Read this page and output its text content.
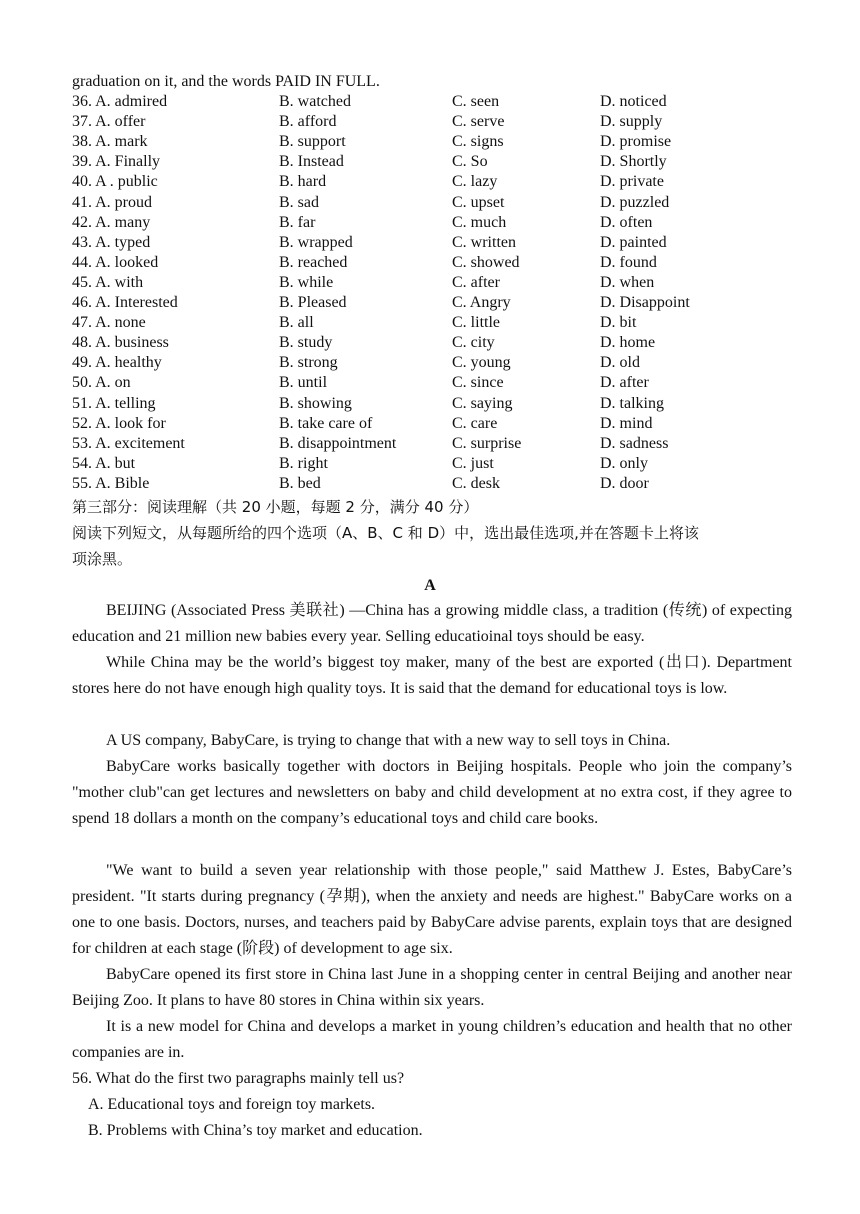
graduation on it, and the words PAID IN FULL.
36. A. admired	B. watched	C. seen	D. noticed
37. A. offer	B. afford	C. serve	D. supply
38. A. mark	B. support	C. signs	D. promise
39. A. Finally	B. Instead	C. So	D. Shortly
40. A . public	B. hard	C. lazy	D. private
41. A. proud	B. sad	C. upset	D. puzzled
42. A. many	B. far	C. much	D. often
43. A. typed	B. wrapped	C. written	D. painted
44. A. looked	B. reached	C. showed	D. found
45. A. with	B. while	C. after	D. when
46. A. Interested	B. Pleased	C. Angry	D. Disappoint
47. A. none	B. all	C. little	D. bit
48. A. business	B. study	C. city	D. home
49. A. healthy	B. strong	C. young	D. old
50. A. on	B. until	C. since	D. after
51. A. telling	B. showing	C. saying	D. talking
52. A. look for	B. take care of	C. care	D. mind
53. A. excitement	B. disappointment	C. surprise	D. sadness
54. A. but	B. right	C. just	D. only
55. A. Bible	B. bed	C. desk	D. door
第三部分：阅读理解（共 20 小题，每题 2 分，满分 40 分）
阅读下列短文，从每题所给的四个选项（A、B、C 和 D）中，选出最佳选项,并在答题卡上将该
项涂黑。
A

BEIJING (Associated Press 美联社) —China has a growing middle class, a tradition (传统) of expecting education and 21 million new babies every year. Selling educatioinal toys should be easy.

While China may be the world’s biggest toy maker, many of the best are exported (出口). Department stores here do not have enough high quality toys. It is said that the demand for educational toys is low.

A US company, BabyCare, is trying to change that with a new way to sell toys in China.

BabyCare works basically together with doctors in Beijing hospitals. People who join the company’s "mother club"can get lectures and newsletters on baby and child development at no extra cost, if they agree to spend 18 dollars a month on the company’s educational toys and child care books.

"We want to build a seven year relationship with those people," said Matthew J. Estes, BabyCare’s president. "It starts during pregnancy (孕期), when the anxiety and needs are highest." BabyCare works on a one to one basis. Doctors, nurses, and teachers paid by BabyCare advise parents, explain toys that are designed for children at each stage (阶段) of development to age six.

BabyCare opened its first store in China last June in a shopping center in central Beijing and another near Beijing Zoo. It plans to have 80 stores in China within six years.

It is a new model for China and develops a market in young children’s education and health that no other companies are in.

56. What do the first two paragraphs mainly tell us?
A. Educational toys and foreign toy markets.
B. Problems with China’s toy market and education.
